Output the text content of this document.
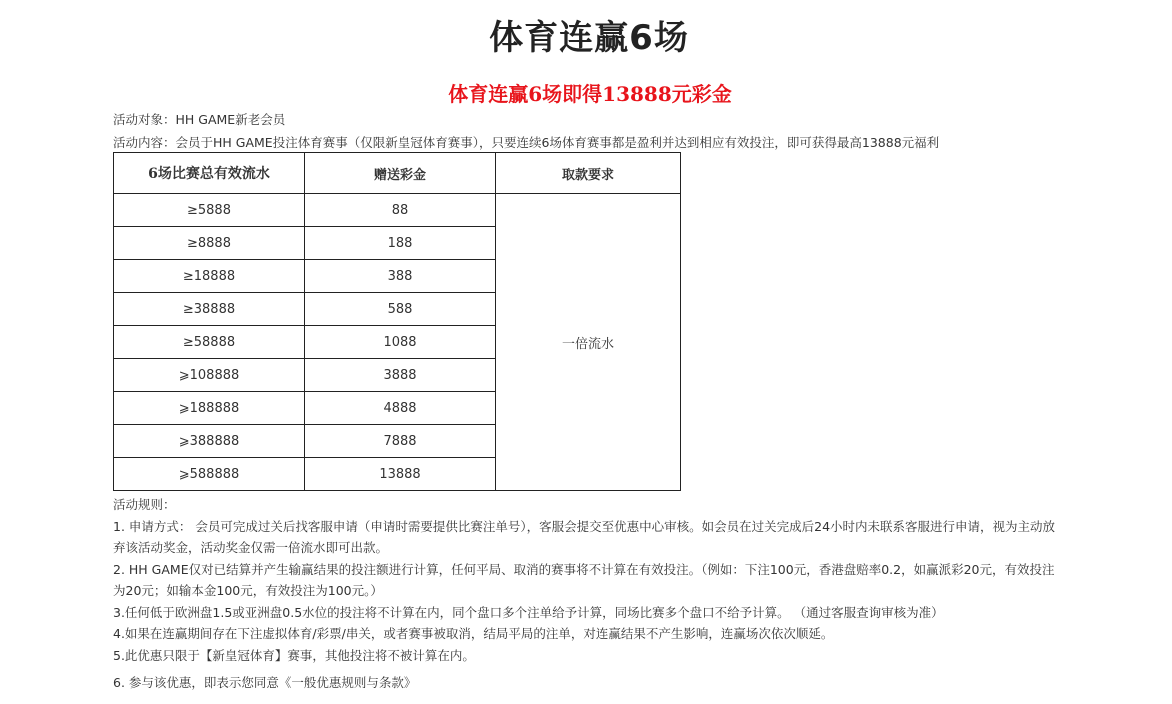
体育连赢6场
体育连赢6场即得13888元彩金
活动对象：HH GAME新老会员
活动内容：会员于HH GAME投注体育赛事（仅限新皇冠体育赛事），只要连续6场体育赛事都是盈利并达到相应有效投注，即可获得最高13888元福利
6场比赛总有效流水	赠送彩金	取款要求
≥5888	88	一倍流水
≥8888	188	
≥18888	388	
≥38888	588	
≥58888	1088	
⩾108888	3888	
⩾188888	4888	
⩾388888	7888	
⩾588888	13888	

活动规则：

1. 申请方式： 会员可完成过关后找客服申请（申请时需要提供比赛注单号），客服会提交至优惠中心审核。如会员在过关完成后24小时内未联系客服进行申请，视为主动放弃该活动奖金，活动奖金仅需一倍流水即可出款。

2. HH GAME仅对已结算并产生输赢结果的投注额进行计算，任何平局、取消的赛事将不计算在有效投注。（例如：下注100元，香港盘赔率0.2，如赢派彩20元，有效投注为20元；如输本金100元，有效投注为100元。）

3.任何低于欧洲盘1.5或亚洲盘0.5水位的投注将不计算在内，同个盘口多个注单给予计算，同场比赛多个盘口不给予计算。 （通过客服查询审核为准）

4.如果在连赢期间存在下注虚拟体育/彩票/串关，或者赛事被取消，结局平局的注单，对连赢结果不产生影响，连赢场次依次顺延。

5.此优惠只限于【新皇冠体育】赛事，其他投注将不被计算在内。

6. 参与该优惠，即表示您同意《一般优惠规则与条款》
